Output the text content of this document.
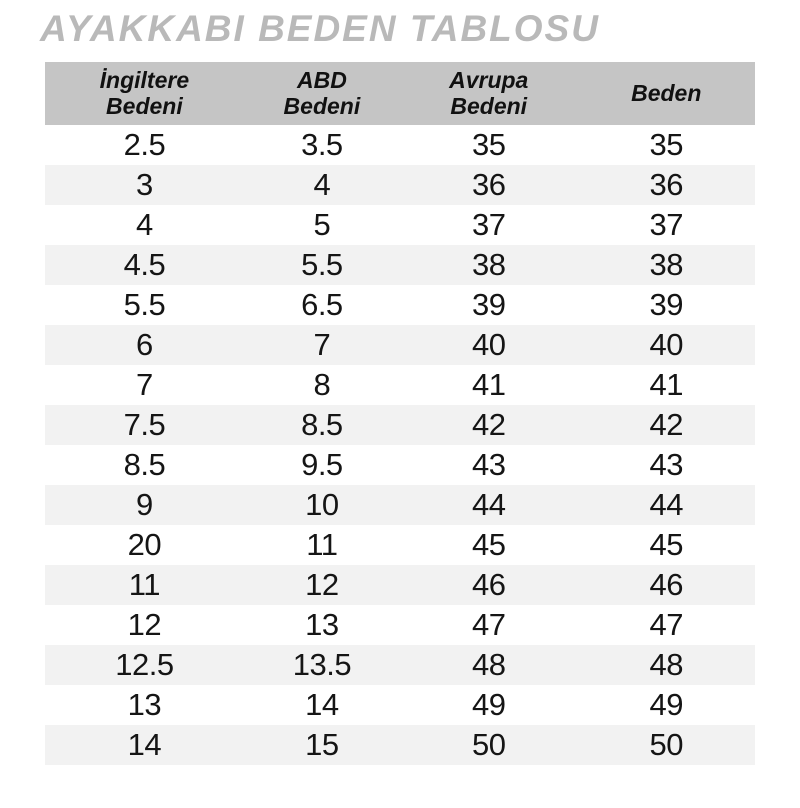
AYAKKABI BEDEN TABLOSU
İngiltere Bedeni	ABD Bedeni	Avrupa Bedeni	Beden
2.5	3.5	35	35
3	4	36	36
4	5	37	37
4.5	5.5	38	38
5.5	6.5	39	39
6	7	40	40
7	8	41	41
7.5	8.5	42	42
8.5	9.5	43	43
9	10	44	44
20	11	45	45
11	12	46	46
12	13	47	47
12.5	13.5	48	48
13	14	49	49
14	15	50	50
